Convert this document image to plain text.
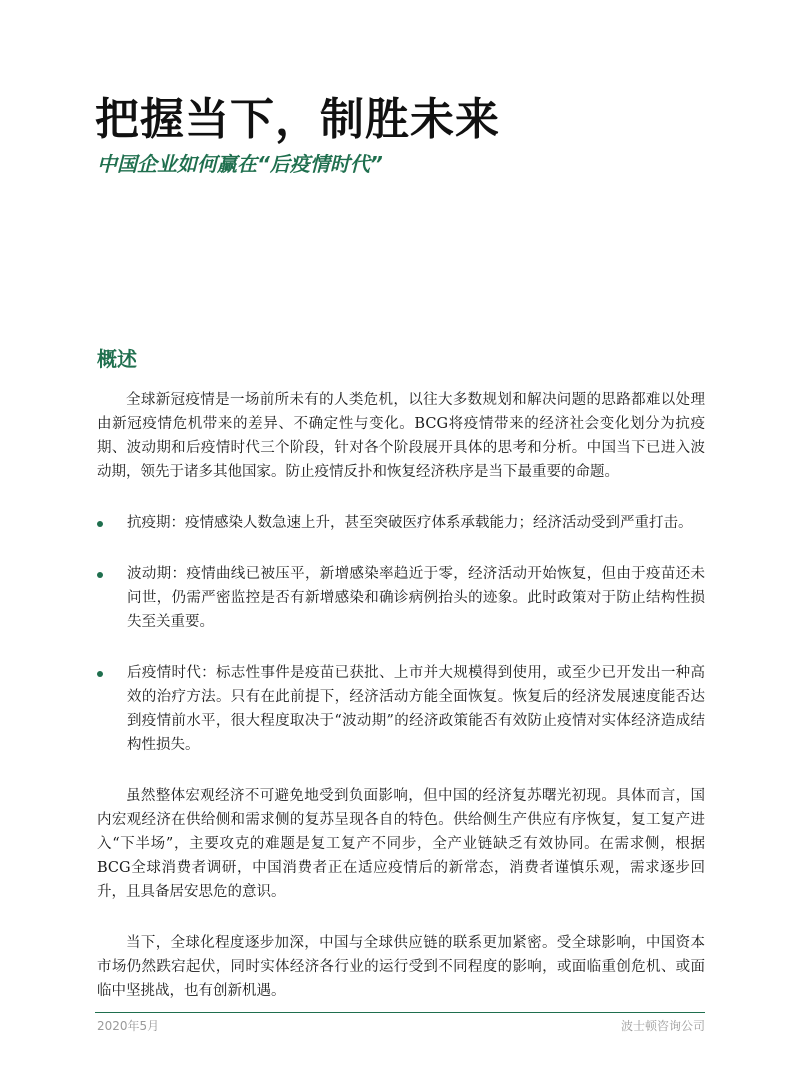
把握当下，制胜未来
中国企业如何赢在“后疫情时代”
概述

全球新冠疫情是一场前所未有的人类危机，以往大多数规划和解决问题的思路都难以处理由新冠疫情危机带来的差异、不确定性与变化。BCG将疫情带来的经济社会变化划分为抗疫期、波动期和后疫情时代三个阶段，针对各个阶段展开具体的思考和分析。中国当下已进入波动期，领先于诸多其他国家。防止疫情反扑和恢复经济秩序是当下最重要的命题。

抗疫期：疫情感染人数急速上升，甚至突破医疗体系承载能力；经济活动受到严重打击。
波动期：疫情曲线已被压平，新增感染率趋近于零，经济活动开始恢复，但由于疫苗还未问世，仍需严密监控是否有新增感染和确诊病例抬头的迹象。此时政策对于防止结构性损失至关重要。
后疫情时代：标志性事件是疫苗已获批、上市并大规模得到使用，或至少已开发出一种高效的治疗方法。只有在此前提下，经济活动方能全面恢复。恢复后的经济发展速度能否达到疫情前水平，很大程度取决于“波动期”的经济政策能否有效防止疫情对实体经济造成结构性损失。

虽然整体宏观经济不可避免地受到负面影响，但中国的经济复苏曙光初现。具体而言，国内宏观经济在供给侧和需求侧的复苏呈现各自的特色。供给侧生产供应有序恢复，复工复产进入“下半场”，主要攻克的难题是复工复产不同步，全产业链缺乏有效协同。在需求侧，根据BCG全球消费者调研，中国消费者正在适应疫情后的新常态，消费者谨慎乐观，需求逐步回升，且具备居安思危的意识。

当下，全球化程度逐步加深，中国与全球供应链的联系更加紧密。受全球影响，中国资本市场仍然跌宕起伏，同时实体经济各行业的运行受到不同程度的影响，或面临重创危机、或面临中坚挑战，也有创新机遇。

2020年5月	波士顿咨询公司
